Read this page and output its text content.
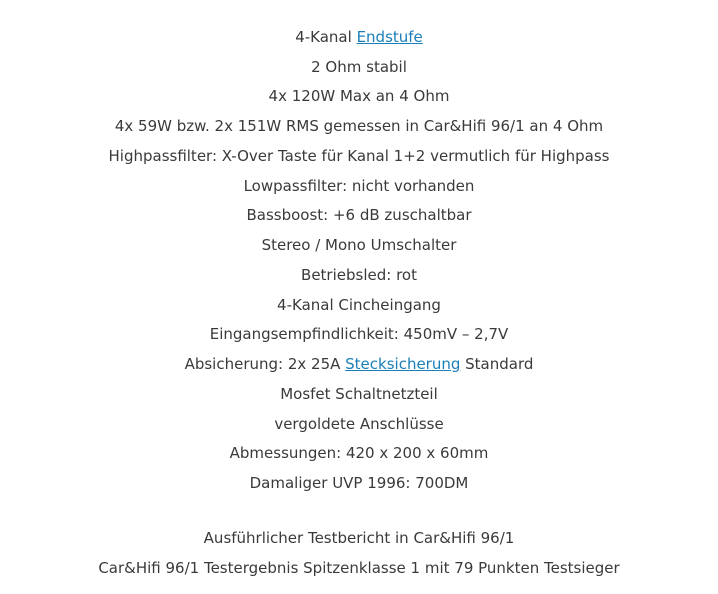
4-Kanal Endstufe
2 Ohm stabil
4x 120W Max an 4 Ohm
4x 59W bzw. 2x 151W RMS gemessen in Car&Hifi 96/1 an 4 Ohm
Highpassfilter: X-Over Taste für Kanal 1+2 vermutlich für Highpass
Lowpassfilter: nicht vorhanden
Bassboost: +6 dB zuschaltbar
Stereo / Mono Umschalter
Betriebsled: rot
4-Kanal Cincheingang
Eingangsempfindlichkeit: 450mV – 2,7V
Absicherung: 2x 25A Stecksicherung Standard
Mosfet Schaltnetzteil
vergoldete Anschlüsse
Abmessungen: 420 x 200 x 60mm
Damaliger UVP 1996: 700DM
Ausführlicher Testbericht in Car&Hifi 96/1
Car&Hifi 96/1 Testergebnis Spitzenklasse 1 mit 79 Punkten Testsieger
